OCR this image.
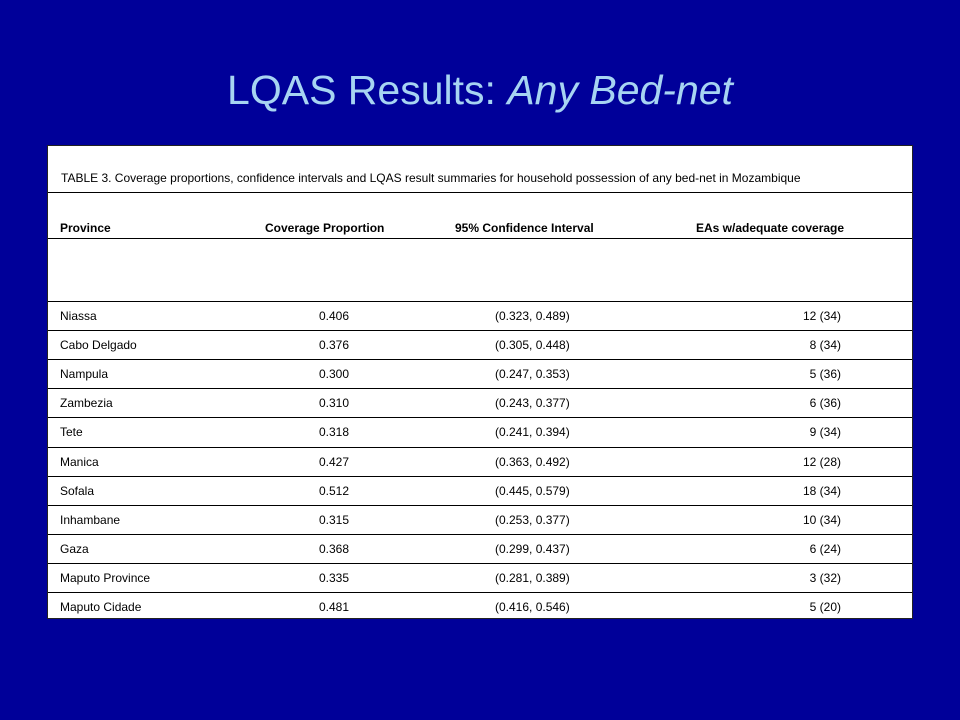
LQAS Results: Any Bed-net
TABLE 3. Coverage proportions, confidence intervals and LQAS result summaries for household possession of any bed-net in Mozambique
Province	Coverage Proportion	95% Confidence Interval	EAs w/adequate coverage
Niassa	0.406	(0.323, 0.489)	12 (34)
Cabo Delgado	0.376	(0.305, 0.448)	8 (34)
Nampula	0.300	(0.247, 0.353)	5 (36)
Zambezia	0.310	(0.243, 0.377)	6 (36)
Tete	0.318	(0.241, 0.394)	9 (34)
Manica	0.427	(0.363, 0.492)	12 (28)
Sofala	0.512	(0.445, 0.579)	18 (34)
Inhambane	0.315	(0.253, 0.377)	10 (34)
Gaza	0.368	(0.299, 0.437)	6 (24)
Maputo Province	0.335	(0.281, 0.389)	3 (32)
Maputo Cidade	0.481	(0.416, 0.546)	5 (20)
